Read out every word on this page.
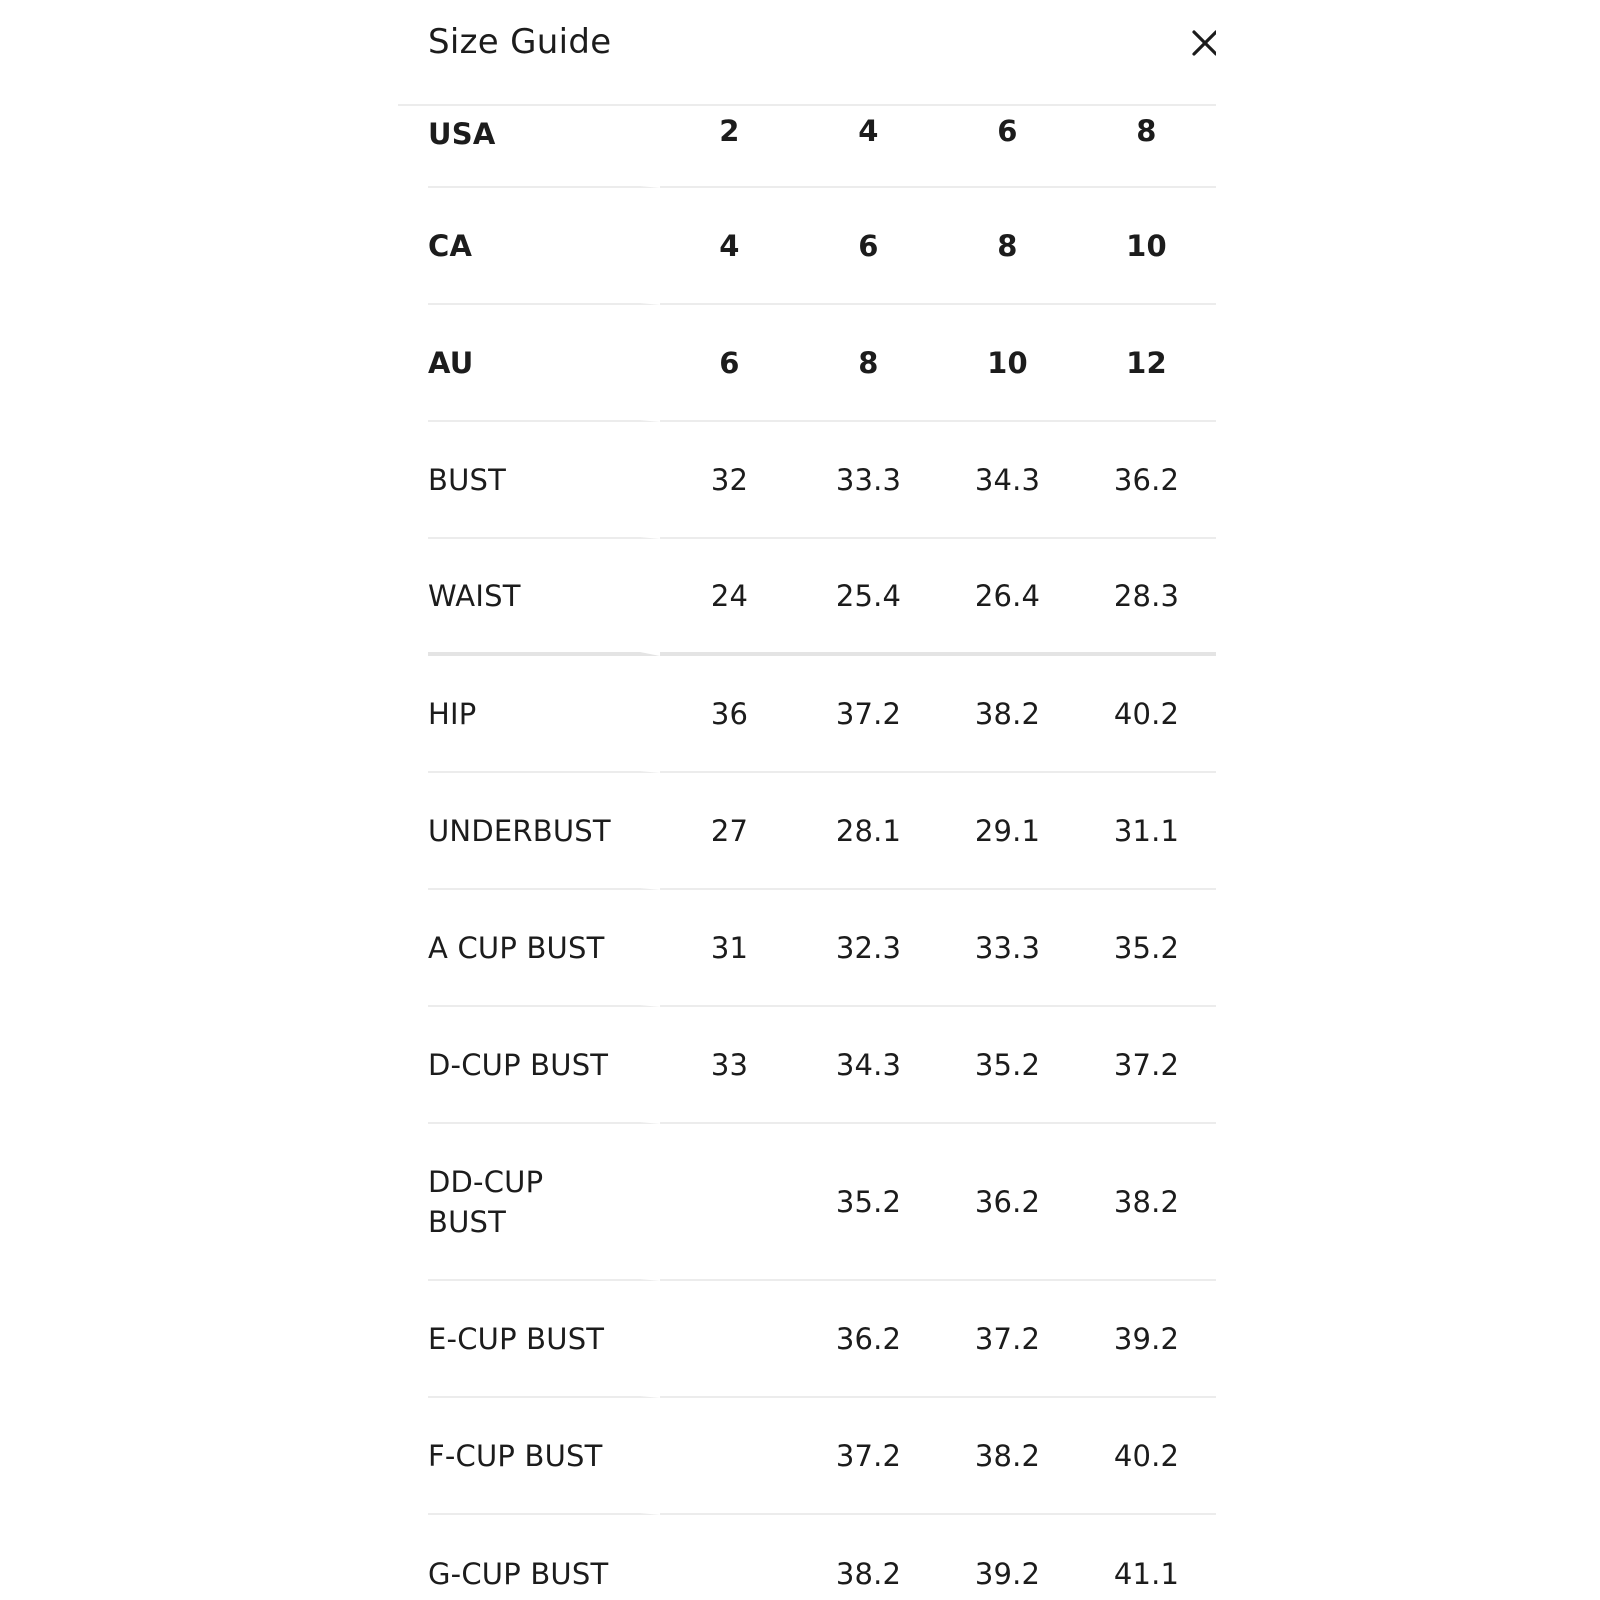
Size Guide
USA	2	4	6	8
CA	4	6	8	10
AU	6	8	10	12
BUST	32	33.3	34.3	36.2
WAIST	24	25.4	26.4	28.3
HIP	36	37.2	38.2	40.2
UNDERBUST	27	28.1	29.1	31.1
A CUP BUST	31	32.3	33.3	35.2
D-CUP BUST	33	34.3	35.2	37.2
DD-CUP BUST		35.2	36.2	38.2
E-CUP BUST		36.2	37.2	39.2
F-CUP BUST		37.2	38.2	40.2
G-CUP BUST		38.2	39.2	41.1
